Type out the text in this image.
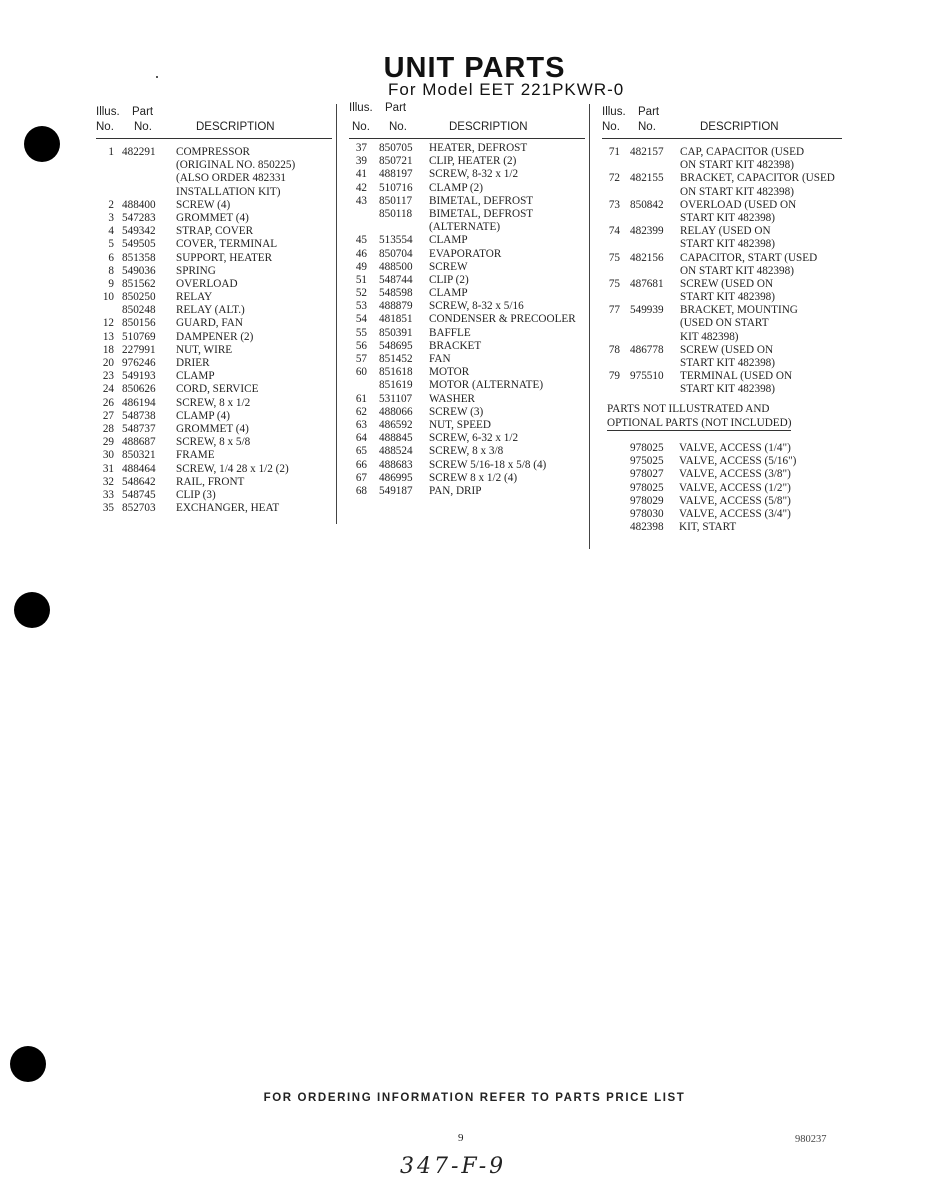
UNIT PARTS
For Model EET 221PKWR-0
Illus. Part
No. No.	DESCRIPTION
1 482291 COMPRESSOR
(ORIGINAL NO. 850225)
(ALSO ORDER 482331
INSTALLATION KIT)
2 488400 SCREW (4)
3 547283 GROMMET (4)
4 549342 STRAP, COVER
5 549505 COVER, TERMINAL
6 851358 SUPPORT, HEATER
8 549036 SPRING
9 851562 OVERLOAD
10 850250 RELAY
850248 RELAY (ALT.)
12 850156 GUARD, FAN
13 510769 DAMPENER (2)
18 227991 NUT, WIRE
20 976246 DRIER
23 549193 CLAMP
24 850626 CORD, SERVICE
26 486194 SCREW, 8 x 1/2
27 548738 CLAMP (4)
28 548737 GROMMET (4)
29 488687 SCREW, 8 x 5/8
30 850321 FRAME
31 488464 SCREW, 1/4 28 x 1/2 (2)
32 548642 RAIL, FRONT
33 548745 CLIP (3)
35 852703 EXCHANGER, HEAT
Illus. Part
No. No.	DESCRIPTION
37 850705 HEATER, DEFROST
39 850721 CLIP, HEATER (2)
41 488197 SCREW, 8-32 x 1/2
42 510716 CLAMP (2)
43 850117 BIMETAL, DEFROST
850118 BIMETAL, DEFROST
(ALTERNATE)
45 513554 CLAMP
46 850704 EVAPORATOR
49 488500 SCREW
51 548744 CLIP (2)
52 548598 CLAMP
53 488879 SCREW, 8-32 x 5/16
54 481851 CONDENSER & PRECOOLER
55 850391 BAFFLE
56 548695 BRACKET
57 851452 FAN
60 851618 MOTOR
851619 MOTOR (ALTERNATE)
61 531107 WASHER
62 488066 SCREW (3)
63 486592 NUT, SPEED
64 488845 SCREW, 6-32 x 1/2
65 488524 SCREW, 8 x 3/8
66 488683 SCREW 5/16-18 x 5/8 (4)
67 486995 SCREW 8 x 1/2 (4)
68 549187 PAN, DRIP
Illus. Part
No. No.	DESCRIPTION
71 482157 CAP, CAPACITOR (USED
ON START KIT 482398)
72 482155 BRACKET, CAPACITOR (USED
ON START KIT 482398)
73 850842 OVERLOAD (USED ON
START KIT 482398)
74 482399 RELAY (USED ON
START KIT 482398)
75 482156 CAPACITOR, START (USED
ON START KIT 482398)
75 487681 SCREW (USED ON
START KIT 482398)
77 549939 BRACKET, MOUNTING
(USED ON START
KIT 482398)
78 486778 SCREW (USED ON
START KIT 482398)
79 975510 TERMINAL (USED ON
START KIT 482398)
PARTS NOT ILLUSTRATED AND
OPTIONAL PARTS (NOT INCLUDED)
978025 VALVE, ACCESS (1/4")
975025 VALVE, ACCESS (5/16")
978027 VALVE, ACCESS (3/8")
978025 VALVE, ACCESS (1/2")
978029 VALVE, ACCESS (5/8")
978030 VALVE, ACCESS (3/4")
482398 KIT, START
FOR ORDERING INFORMATION REFER TO PARTS PRICE LIST
9	980237
347-F-9
